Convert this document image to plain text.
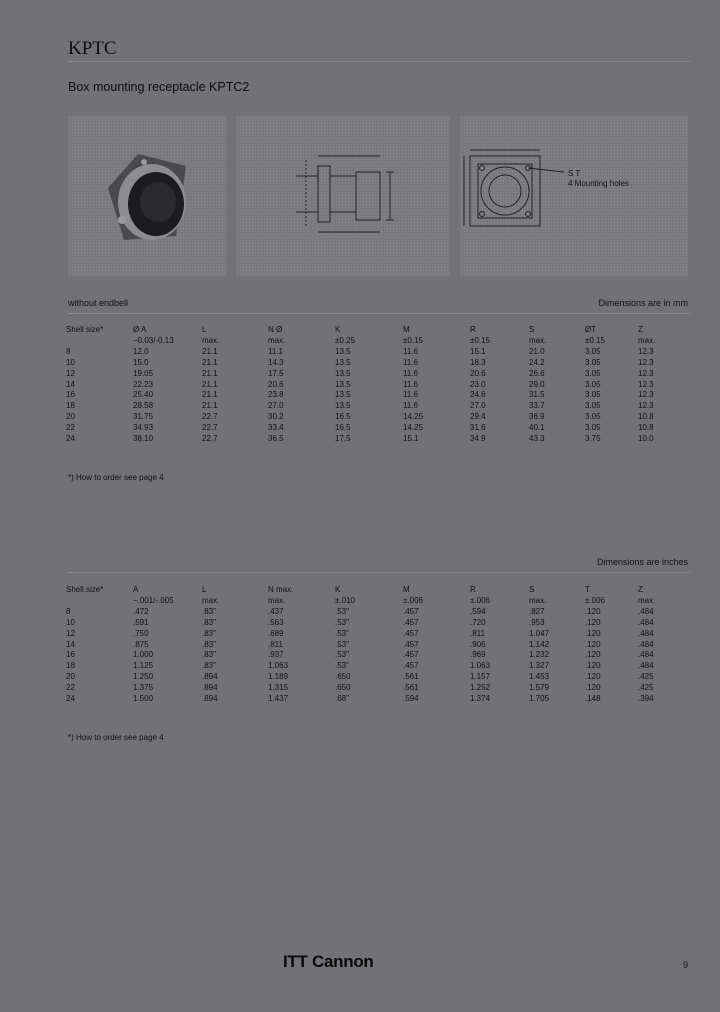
KPTC
Box mounting receptacle KPTC2
S T
4 Mounting holes
without endbell	Dimensions are in mm
Shell size*	Ø A	L	N Ø	K	M	R	S	ØT	Z
	−0.03/-0.13	max.	max.	±0.25	±0.15	±0.15	max.	±0.15	max.
8	12.0	21.1	11.1	13.5	11.6	15.1	21.0	3.05	12.3
10	15.0	21.1	14.3	13.5	11.6	18.3	24.2	3.05	12.3
12	19.05	21.1	17.5	13.5	11.6	20.6	26.6	3.05	12.3
14	22.23	21.1	20.6	13.5	11.6	23.0	29.0	3.05	12.3
16	25.40	21.1	23.8	13.5	11.6	24.6	31.5	3.05	12.3
18	28.58	21.1	27.0	13.5	11.6	27.0	33.7	3.05	12.3
20	31.75	22.7	30.2	16.5	14.25	29.4	36.9	3.05	10.8
22	34.93	22.7	33.4	16.5	14.25	31.6	40.1	3.05	10.8
24	38.10	22.7	36.5	17.5	15.1	34.9	43.3	3.75	10.0
*) How to order see page 4
Dimensions are inches
Shell size*	A	L	N max.	K	M	R	S	T	Z
	−.001/-.005	max.	max.	±.010	±.006	±.006	max.	±.006	max.
8	.472	.83"	.437	.53"	.457	.594	.827	.120	.484
10	.591	.83"	.563	.53"	.457	.720	.953	.120	.484
12	.750	.83"	.689	.53"	.457	.811	1.047	.120	.484
14	.875	.83"	.811	.53"	.457	.906	1.142	.120	.484
16	1.000	.83"	.937	.53"	.457	.969	1.232	.120	.484
18	1.125	.83"	1.063	.53"	.457	1.063	1.327	.120	.484
20	1.250	.894	1.189	.650	.561	1.157	1.453	.120	.425
22	1.375	.894	1.315	.650	.561	1.252	1.579	.120	.425
24	1.500	.894	1.437	.68"	.594	1.374	1.705	.148	.394
*) How to order see page 4
ITT Cannon	9
